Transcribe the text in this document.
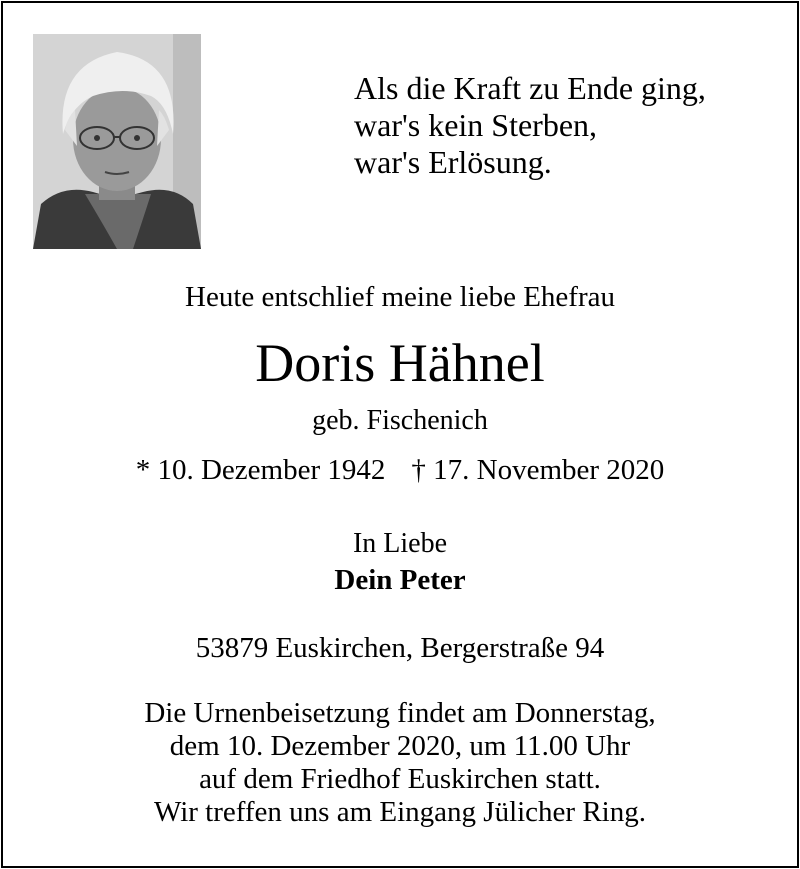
Als die Kraft zu Ende ging,
war's kein Sterben,
war's Erlösung.
Heute entschlief meine liebe Ehefrau
Doris Hähnel
geb. Fischenich
* 10. Dezember 1942 † 17. November 2020
In Liebe
Dein Peter
53879 Euskirchen, Bergerstraße 94
Die Urnenbeisetzung findet am Donnerstag,
dem 10. Dezember 2020, um 11.00 Uhr
auf dem Friedhof Euskirchen statt.
Wir treffen uns am Eingang Jülicher Ring.
